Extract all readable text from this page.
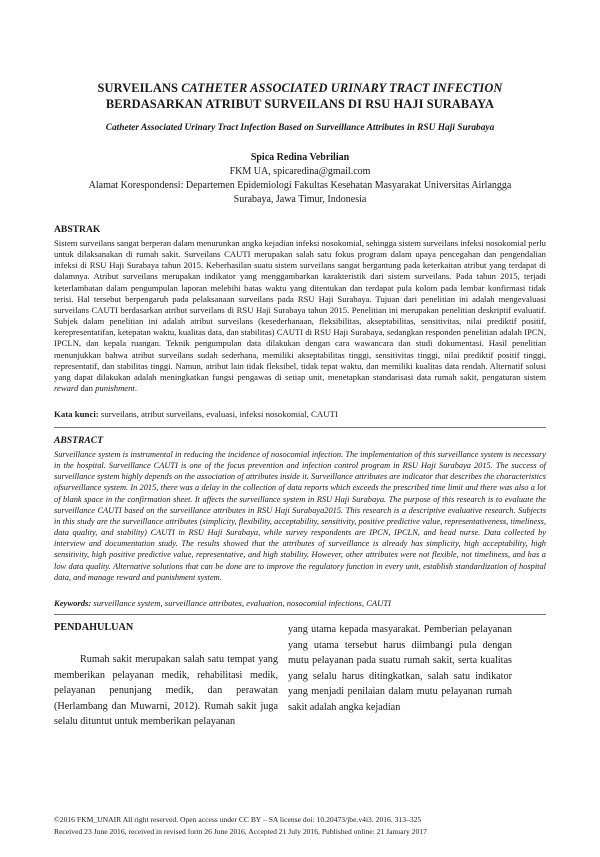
SURVEILANS CATHETER ASSOCIATED URINARY TRACT INFECTION
BERDASARKAN ATRIBUT SURVEILANS DI RSU HAJI SURABAYA
Catheter Associated Urinary Tract Infection Based on Surveillance Attributes in RSU Haji Surabaya
Spica Redina Vebrilian
FKM UA, spicaredina@gmail.com
Alamat Korespondensi: Departemen Epidemiologi Fakultas Kesehatan Masyarakat Universitas Airlangga
Surabaya, Jawa Timur, Indonesia
ABSTRAK
Sistem surveilans sangat berperan dalam menurunkan angka kejadian infeksi nosokomial, sehingga sistem surveilans infeksi nosokomial perlu untuk dilaksanakan di rumah sakit. Surveilans CAUTI merupakan salah satu fokus program dalam upaya pencegahan dan pengendalian infeksi di RSU Haji Surabaya tahun 2015. Keberhasilan suatu sistem surveilans sangat bergantung pada keterkaitan atribut yang terdapat di dalamnya. Atribut surveilans merupakan indikator yang menggambarkan karakteristik dari sistem surveilans. Pada tahun 2015, terjadi keterlambatan dalam pengumpulan laporan melebihi batas waktu yang ditentukan dan terdapat pula kolom pada lembar konfirmasi tidak terisi. Hal tersebut berpengaruh pada pelaksanaan surveilans pada RSU Haji Surabaya. Tujuan dari penelitian ini adalah mengevaluasi surveilans CAUTI berdasarkan atribut surveilans di RSU Haji Surabaya tahun 2015. Penelitian ini merupakan penelitian deskriptif evaluatif. Subjek dalam penelitian ini adalah atribut surveilans (kesederhanaan, fleksibilitas, akseptabilitas, sensitivitas, nilai prediktif positif, kerepresentatifan, ketepatan waktu, kualitas data, dan stabilitas) CAUTI di RSU Haji Surabaya, sedangkan responden penelitian adalah IPCN, IPCLN, dan kepala ruangan. Teknik pengumpulan data dilakukan dengan cara wawancara dan studi dokumentasi. Hasil penelitian menunjukkan bahwa atribut surveilans sudah sederhana, memiliki akseptabilitas tinggi, sensitivitas tinggi, nilai prediktif positif tinggi, representatif, dan stabilitas tinggi. Namun, atribut lain tidak fleksibel, tidak tepat waktu, dan memiliki kualitas data rendah. Alternatif solusi yang dapat dilakukan adalah meningkatkan fungsi pengawas di setiap unit, menetapkan standarisasi data rumah sakit, pengaturan sistem reward dan punishment.
Kata kunci: surveilans, atribut surveilans, evaluasi, infeksi nosokomial, CAUTI
ABSTRACT
Surveillance system is instrumental in reducing the incidence of nosocomial infection. The implementation of this surveillance system is necessary in the hospital. Surveillance CAUTI is one of the focus prevention and infection control program in RSU Haji Surabaya 2015. The success of surveillance system highly depends on the association of attributes inside it. Surveillance attributes are indicator that describes the characteristics ofsurveillance system. In 2015, there was a delay in the collection of data reports which exceeds the prescribed time limit and there was also a lot of blank space in the confirmation sheet. It affects the surveillance system in RSU Haji Surabaya. The purpose of this research is to evaluate the surveillance CAUTI based on the surveillance attributes in RSU Haji Surabaya2015. This research is a descriptive evaluative research. Subjects in this study are the surveillance attributes (simplicity, flexibility, acceptability, sensitivity, positive predictive value, representativeness, timeliness, data quality, and stability) CAUTI in RSU Haji Surabaya, while survey respondents are IPCN, IPCLN, and head nurse. Data collected by interview and documentation study. The results showed that the attributes of surveillance is already has simplicity, high acceptability, high sensitivity, high positive predictive value, representative, and high stability. However, other attributes were not flexible, not timeliness, and has a low data quality. Alternative solutions that can be done are to improve the regulatory function in every unit, establish standardization of hospital data, and manage reward and punishment system.
Keywords: surveillance system, surveillance attributes, evaluation, nosocomial infections, CAUTI
PENDAHULUAN
Rumah sakit merupakan salah satu tempat yang memberikan pelayanan medik, rehabilitasi medik, pelayanan penunjang medik, dan perawatan (Herlambang dan Muwarni, 2012). Rumah sakit juga selalu dituntut untuk memberikan pelayanan
yang utama kepada masyarakat. Pemberian pelayanan yang utama tersebut harus diimbangi pula dengan mutu pelayanan pada suatu rumah sakit, serta kualitas yang selalu harus ditingkatkan, salah satu indikator yang menjadi penilaian dalam mutu pelayanan rumah sakit adalah angka kejadian
©2016 FKM_UNAIR All right reserved. Open access under CC BY – SA license doi: 10.20473/jbe.v4i3. 2016. 313–325
Received 23 June 2016, received in revised form 26 June 2016, Accepted 21 July 2016, Published online: 21 January 2017
